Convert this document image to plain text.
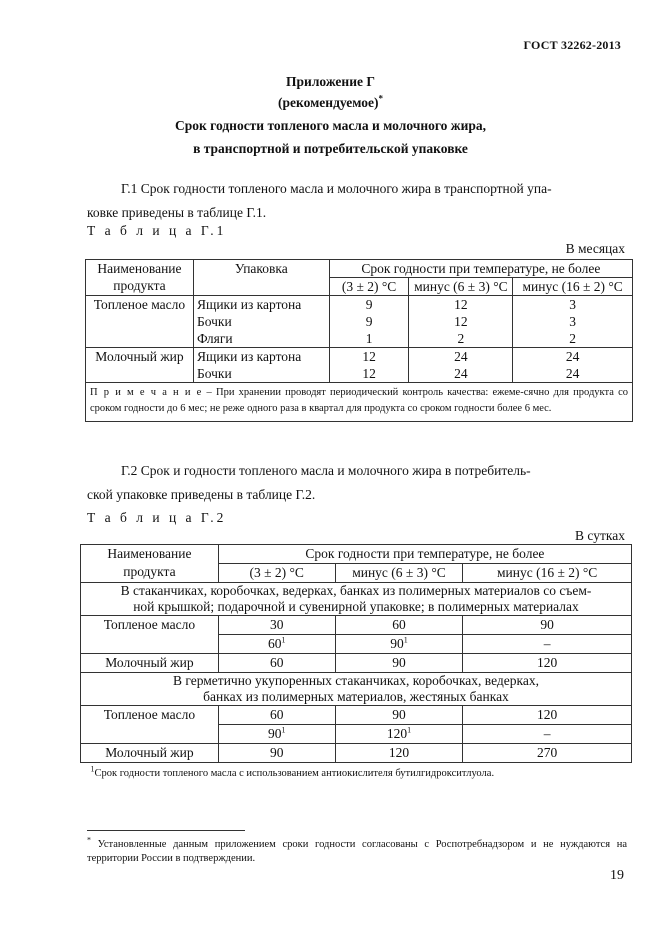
ГОСТ 32262-2013
Приложение Г
(рекомендуемое)*
Срок годности топленого масла и молочного жира,
в транспортной и потребительской упаковке
Г.1 Срок годности топленого масла и молочного жира в транспортной упа-
ковке приведены в таблице Г.1.
Т а б л и ц а Г.1
В месяцах
Наименование продукта	Упаковка	Срок годности при температуре, не более		
		(3 ± 2) °С	минус (6 ± 3) °С	минус (16 ± 2) °С
Топленое масло	Ящики из картона	9	12	3
	Бочки	9	12	3
	Фляги	1	2	2
Молочный жир	Ящики из картона	12	24	24
	Бочки	12	24	24
П р и м е ч а н и е – При хранении проводят периодический контроль качества: ежеме-сячно для продукта со сроком годности до 6 мес; не реже одного раза в квартал для продукта со сроком годности более 6 мес.				
Г.2 Срок и годности топленого масла и молочного жира в потребитель-
ской упаковке приведены в таблице Г.2.
Т а б л и ц а Г.2
В сутках
Наименование продукта	Срок годности при температуре, не более		
	(3 ± 2) °С	минус (6 ± 3) °С	минус (16 ± 2) °С
В стаканчиках, коробочках, ведерках, банках из полимерных материалов со съем-ной крышкой; подарочной и сувенирной упаковке; в полимерных материалах			
Топленое масло	30	60	90
	$60^1$	$90^1$	–
Молочный жир	60	90	120

В герметично укупоренных стаканчиках, коробочках, ведерках,
банках из полимерных материалов, жестяных банках			

Топленое масло	60	90	120
	$90^1$	$120^1$	–
Молочный жир	90	120	270
$^1$Срок годности топленого масла с использованием антиокислителя бутилгидрокситлуола.			
* Установленные данным приложением сроки годности согласованы с Роспотребнадзором и не нуждаются на территории России в подтверждении.
19
